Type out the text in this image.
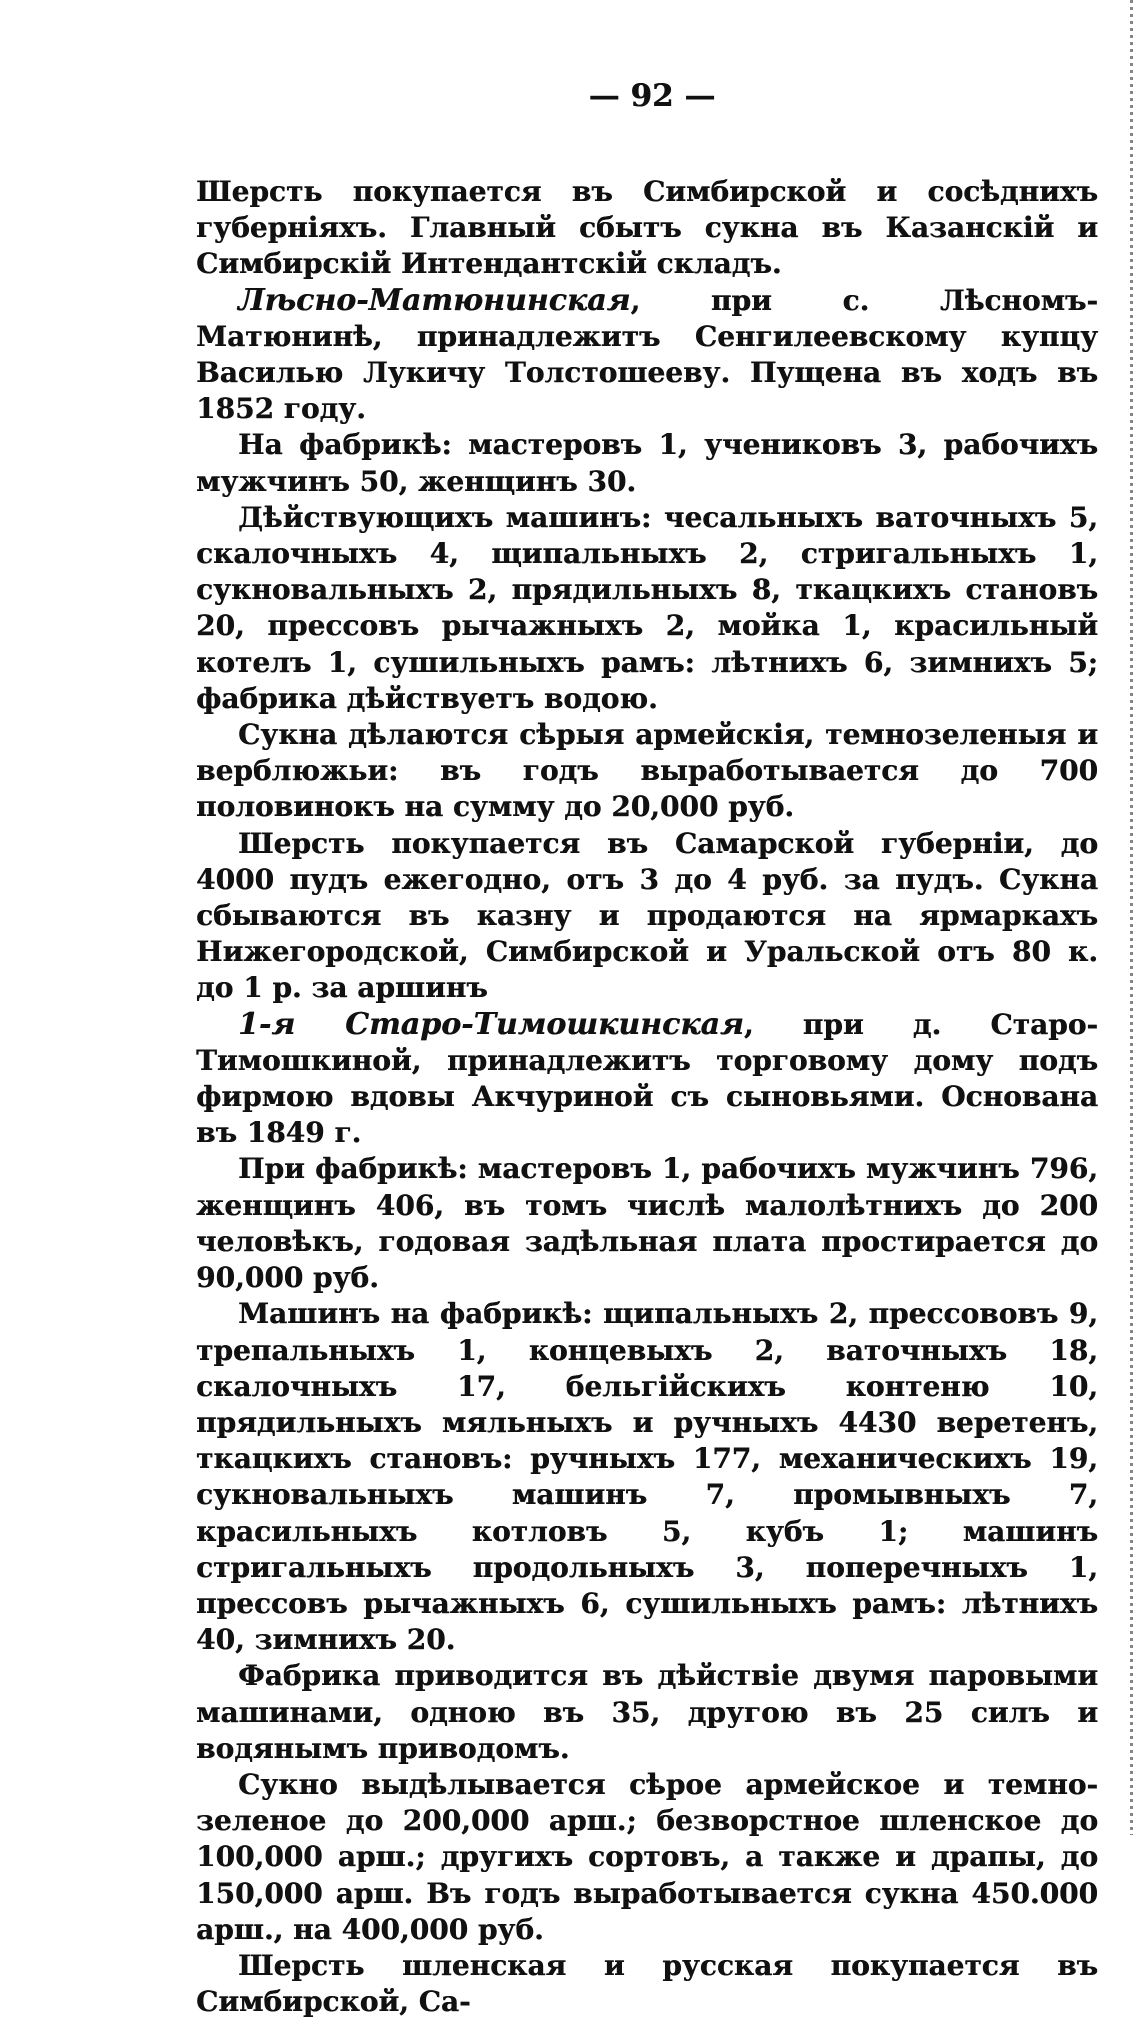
— 92 —

Шерсть покупается въ Симбирской и сосѣднихъ губерніяхъ. Главный сбытъ сукна въ Казанскій и Симбирскій Интендантскій складъ.

Лѣсно-Матюнинская, при с. Лѣсномъ-Матюнинѣ, принадлежитъ Сенгилеевскому купцу Василью Лукичу Толстошееву. Пущена въ ходъ въ 1852 году.

На фабрикѣ: мастеровъ 1, учениковъ 3, рабочихъ мужчинъ 50, женщинъ 30.

Дѣйствующихъ машинъ: чесальныхъ ваточныхъ 5, скалочныхъ 4, щипальныхъ 2, стригальныхъ 1, сукновальныхъ 2, прядильныхъ 8, ткацкихъ становъ 20, прессовъ рычажныхъ 2, мойка 1, красильный котелъ 1, сушильныхъ рамъ: лѣтнихъ 6, зимнихъ 5; фабрика дѣйствуетъ водою.

Сукна дѣлаются сѣрыя армейскія, темнозеленыя и верблюжьи: въ годъ выработывается до 700 половинокъ на сумму до 20,000 руб.

Шерсть покупается въ Самарской губерніи, до 4000 пудъ ежегодно, отъ 3 до 4 руб. за пудъ. Сукна сбываются въ казну и продаются на ярмаркахъ Нижегородской, Симбирской и Уральской отъ 80 к. до 1 р. за аршинъ

1-я Старо-Тимошкинская, при д. Старо-Тимошкиной, принадлежитъ торговому дому подъ фирмою вдовы Акчуриной съ сыновьями. Основана въ 1849 г.

При фабрикѣ: мастеровъ 1, рабочихъ мужчинъ 796, женщинъ 406, въ томъ числѣ малолѣтнихъ до 200 человѣкъ, годовая задѣльная плата простирается до 90,000 руб.

Машинъ на фабрикѣ: щипальныхъ 2, прессововъ 9, трепальныхъ 1, концевыхъ 2, ваточныхъ 18, скалочныхъ 17, бельгійскихъ контеню 10, прядильныхъ мяльныхъ и ручныхъ 4430 веретенъ, ткацкихъ становъ: ручныхъ 177, механическихъ 19, сукновальныхъ машинъ 7, промывныхъ 7, красильныхъ котловъ 5, кубъ 1; машинъ стригальныхъ продольныхъ 3, поперечныхъ 1, прессовъ рычажныхъ 6, сушильныхъ рамъ: лѣтнихъ 40, зимнихъ 20.

Фабрика приводится въ дѣйствіе двумя паровыми машинами, одною въ 35, другою въ 25 силъ и водянымъ приводомъ.

Сукно выдѣлывается сѣрое армейское и темно-зеленое до 200,000 арш.; безворстное шленское до 100,000 арш.; другихъ сортовъ, а также и драпы, до 150,000 арш. Въ годъ выработывается сукна 450.000 арш., на 400,000 руб.

Шерсть шленская и русская покупается въ Симбирской, Са-
